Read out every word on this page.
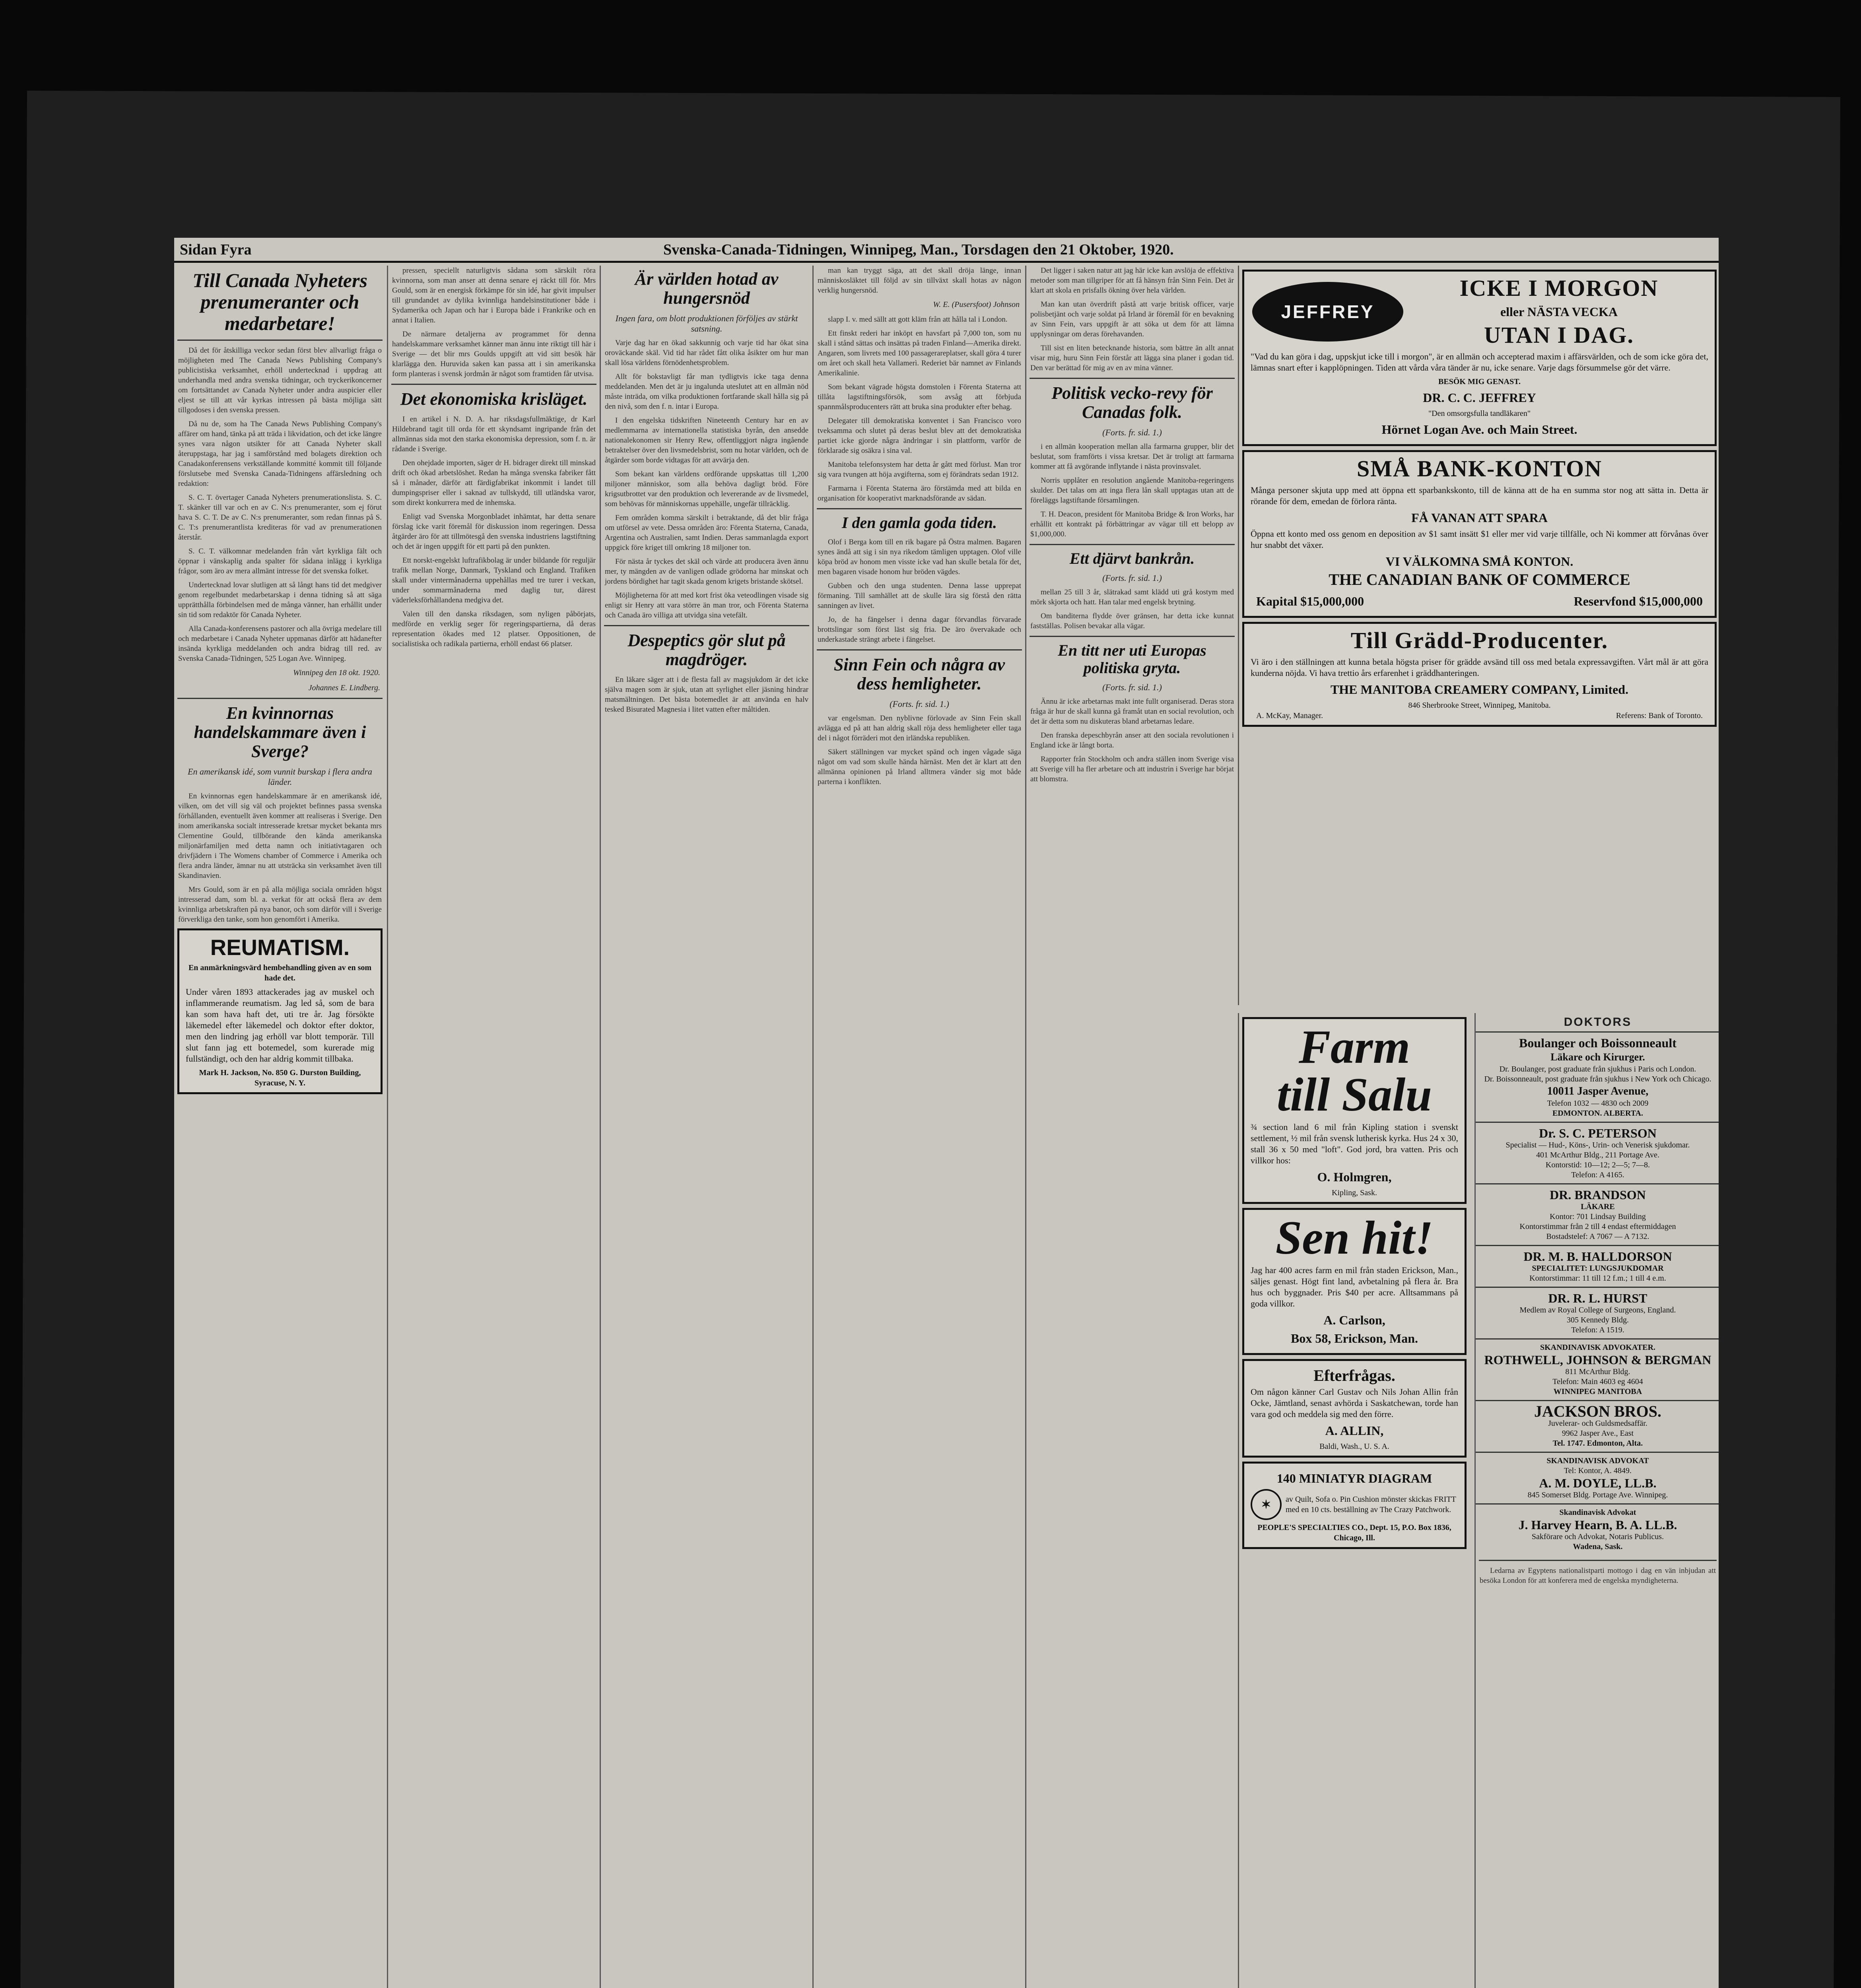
Sidan Fyra	Svenska-Canada-Tidningen, Winnipeg, Man., Torsdagen den 21 Oktober, 1920.
Till Canada Nyheters prenumeranter och medarbetare!

Då det för åtskilliga veckor sedan först blev allvarligt fråga o möjligheten med The Canada News Publishing Company's publicistiska verksamhet, erhöll undertecknad i uppdrag att underhandla med andra svenska tidningar, och tryckerikoncerner om fortsättandet av Canada Nyheter under andra auspicier eller eljest se till att vår kyrkas intressen på bästa möjliga sätt tillgodoses i den svenska pressen.

Då nu de, som ha The Canada News Publishing Company's affärer om hand, tänka på att träda i likvidation, och det icke längre synes vara någon utsikter för att Canada Nyheter skall återuppstaga, har jag i samförstånd med bolagets direktion och Canadakonferensens verkställande kommitté kommit till följande förslutsebe med Svenska Canada-Tidningens affärsledning och redaktion:

S. C. T. övertager Canada Nyheters prenumerationslista. S. C. T. skänker till var och en av C. N:s prenumeranter, som ej förut hava S. C. T. De av C. N:s prenumeranter, som redan finnas på S. C. T:s prenumerantlista krediteras för vad av prenumerationen återstår.

S. C. T. välkomnar medelanden från vårt kyrkliga fält och öppnar i vänskaplig anda spalter för sådana inlägg i kyrkliga frågor, som äro av mera allmänt intresse för det svenska folket.

Undertecknad lovar slutligen att så långt hans tid det medgiver genom regelbundet medarbetarskap i denna tidning så att säga upprätthålla förbindelsen med de många vänner, han erhållit under sin tid som redaktör för Canada Nyheter.

Alla Canada-konferensens pastorer och alla övriga medelare till och medarbetare i Canada Nyheter uppmanas därför att hädanefter insända kyrkliga meddelanden och andra bidrag till red. av Svenska Canada-Tidningen, 525 Logan Ave. Winnipeg.

Winnipeg den 18 okt. 1920.
Johannes E. Lindberg.
En kvinnornas handelskammare även i Sverge?
En amerikansk idé, som vunnit burskap i flera andra länder.

En kvinnornas egen handelskammare är en amerikansk idé, vilken, om det vill sig väl och projektet befinnes passa svenska förhållanden, eventuellt även kommer att realiseras i Sverige. Den inom amerikanska socialt intresserade kretsar mycket bekanta mrs Clementine Gould, tillbörande den kända amerikanska miljonärfamiljen med detta namn och initiativtagaren och drivfjädern i The Womens chamber of Commerce i Amerika och flera andra länder, ämnar nu att utsträcka sin verksamhet även till Skandinavien.

Mrs Gould, som är en på alla möjliga sociala områden högst intresserad dam, som bl. a. verkat för att också flera av dem kvinnliga arbetskraften på nya banor, och som därför vill i Sverige förverkliga den tanke, som hon genomfört i Amerika.

REUMATISM.
En anmärkningsvärd hembehandling given av en som hade det.
Under våren 1893 attackerades jag av muskel och inflammerande reumatism. Jag led så, som de bara kan som hava haft det, uti tre år. Jag försökte läkemedel efter läkemedel och doktor efter doktor, men den lindring jag erhöll var blott temporär. Till slut fann jag ett botemedel, som kurerade mig fullständigt, och den har aldrig kommit tillbaka.
Mark H. Jackson, No. 850 G. Durston Building, Syracuse, N. Y.

pressen, speciellt naturligtvis sådana som särskilt röra kvinnorna, som man anser att denna senare ej räckt till för. Mrs Gould, som är en energisk förkämpe för sin idé, har givit impulser till grundandet av dylika kvinnliga handelsinstitutioner både i Sydamerika och Japan och har i Europa både i Frankrike och en annat i Italien.

De närmare detaljerna av programmet för denna handelskammare verksamhet känner man ännu inte riktigt till här i Sverige — det blir mrs Goulds uppgift att vid sitt besök här klarlägga den. Huruvida saken kan passa att i sin amerikanska form planteras i svensk jordmån är något som framtiden får utvisa.

Det ekonomiska krisläget.

I en artikel i N. D. A. har riksdagsfullmäktige, dr Karl Hildebrand tagit till orda för ett skyndsamt ingripande från det allmännas sida mot den starka ekonomiska depression, som f. n. är rådande i Sverige.

Den ohejdade importen, säger dr H. bidrager direkt till minskad drift och ökad arbetslöshet. Redan ha många svenska fabriker fått så i månader, därför att färdigfabrikat inkommit i landet till dumpingspriser eller i saknad av tullskydd, till utländska varor, som direkt konkurrera med de inhemska.

Enligt vad Svenska Morgonbladet inhämtat, har detta senare förslag icke varit föremål för diskussion inom regeringen. Dessa åtgärder äro för att tillmötesgå den svenska industriens lagstiftning och det är ingen uppgift för ett parti på den punkten.

Ett norskt-engelskt luftrafikbolag är under bildande för reguljär trafik mellan Norge, Danmark, Tyskland och England. Trafiken skall under vintermånaderna uppehållas med tre turer i veckan, under sommarmånaderna med daglig tur, därest väderleksförhållandena medgiva det.

Valen till den danska riksdagen, som nyligen påbörjats, medförde en verklig seger för regeringspartierna, då deras representation ökades med 12 platser. Oppositionen, de socialistiska och radikala partierna, erhöll endast 66 platser.

Är världen hotad av hungersnöd
Ingen fara, om blott produktionen förföljes av stärkt satsning.

Varje dag har en ökad sakkunnig och varje tid har ökat sina oroväckande skäl. Vid tid har rådet fått olika åsikter om hur man skall lösa världens förnödenhetsproblem.

Allt för bokstavligt får man tydligtvis icke taga denna meddelanden. Men det är ju ingalunda uteslutet att en allmän nöd måste inträda, om vilka produktionen fortfarande skall hålla sig på den nivå, som den f. n. intar i Europa.

I den engelska tidskriften Nineteenth Century har en av medlemmarna av internationella statistiska byrån, den ansedde nationalekonomen sir Henry Rew, offentliggjort några ingående betraktelser över den livsmedelsbrist, som nu hotar världen, och de åtgärder som borde vidtagas för att avvärja den.

Som bekant kan världens ordförande uppskattas till 1,200 miljoner människor, som alla behöva dagligt bröd. Före krigsutbrottet var den produktion och levererande av de livsmedel, som behövas för människornas uppehälle, ungefär tillräcklig.

Fem områden komma särskilt i betraktande, då det blir fråga om utförsel av vete. Dessa områden äro: Förenta Staterna, Canada, Argentina och Australien, samt Indien. Deras sammanlagda export uppgick före kriget till omkring 18 miljoner ton.

För nästa år tyckes det skäl och värde att producera även ännu mer, ty mängden av de vanligen odlade grödorna har minskat och jordens bördighet har tagit skada genom krigets bristande skötsel.

Möjligheterna för att med kort frist öka veteodlingen visade sig enligt sir Henry att vara större än man tror, och Förenta Staterna och Canada äro villiga att utvidga sina vetefält.

Despeptics gör slut på magdröger.

En läkare säger att i de flesta fall av magsjukdom är det icke själva magen som är sjuk, utan att syrlighet eller jäsning hindrar matsmältningen. Det bästa botemedlet är att använda en halv tesked Bisurated Magnesia i litet vatten efter måltiden.

man kan tryggt säga, att det skall dröja länge, innan människosläktet till följd av sin tillväxt skall hotas av någon verklig hungersnöd.

W. E. (Pusersfoot) Johnson

slapp I. v. med sällt att gott kläm från att hålla tal i London.

Ett finskt rederi har inköpt en havsfart på 7,000 ton, som nu skall i stånd sättas och insättas på traden Finland—Amerika direkt. Angaren, som livrets med 100 passagerareplatser, skall göra 4 turer om året och skall heta Vallamerì. Rederiet bär namnet av Finlands Amerikalinie.

Som bekant vägrade högsta domstolen i Förenta Staterna att tillåta lagstiftningsförsök, som avsåg att förbjuda spannmålsproducenters rätt att bruka sina produkter efter behag.

Delegater till demokratiska konventet i San Francisco voro tveksamma och slutet på deras beslut blev att det demokratiska partiet icke gjorde några ändringar i sin plattform, varför de förklarade sig osäkra i sina val.

Manitoba telefonsystem har detta år gått med förlust. Man tror sig vara tvungen att höja avgifterna, som ej förändrats sedan 1912.

Farmarna i Förenta Staterna äro förstämda med att bilda en organisation för kooperativt marknadsförande av sädan.

I den gamla goda tiden.

Olof i Berga kom till en rik bagare på Östra malmen. Bagaren synes ändå att sig i sin nya rikedom tämligen upptagen. Olof ville köpa bröd av honom men visste icke vad han skulle betala för det, men bagaren visade honom hur bröden vägdes.

Gubben och den unga studenten. Denna lasse upprepat förmaning. Till samhället att de skulle lära sig förstå den rätta sanningen av livet.

Jo, de ha fängelser i denna dagar förvandlas förvarade brottslingar som först läst sig fria. De äro övervakade och underkastade strängt arbete i fängelset.

Sinn Fein och några av dess hemligheter.
(Forts. fr. sid. 1.)

var engelsman. Den nyblivne förlovade av Sinn Fein skall avlägga ed på att han aldrig skall röja dess hemligheter eller taga del i något förräderi mot den irländska republiken.

Säkert ställningen var mycket spänd och ingen vågade säga något om vad som skulle hända härnäst. Men det är klart att den allmänna opinionen på Irland alltmera vänder sig mot både parterna i konflikten.

Det ligger i saken natur att jag här icke kan avslöja de effektiva metoder som man tillgriper för att få hänsyn från Sinn Fein. Det är klart att skola en prisfalls ökning över hela världen.

Man kan utan överdrift påstå att varje britisk officer, varje polisbetjänt och varje soldat på Irland är föremål för en bevakning av Sinn Fein, vars uppgift är att söka ut dem för att lämna upplysningar om deras förehavanden.

Till sist en liten betecknande historia, som bättre än allt annat visar mig, huru Sinn Fein förstår att lägga sina planer i godan tid. Den var berättad för mig av en av mina vänner.

Politisk vecko-revy för Canadas folk.
(Forts. fr. sid. 1.)

i en allmän kooperation mellan alla farmarna grupper, blir det beslutat, som framförts i vissa kretsar. Det är troligt att farmarna kommer att få avgörande inflytande i nästa provinsvalet.

Norris upplåter en resolution angående Manitoba-regeringens skulder. Det talas om att inga flera lån skall upptagas utan att de föreläggs lagstiftande församlingen.

T. H. Deacon, president för Manitoba Bridge & Iron Works, har erhållit ett kontrakt på förbättringar av vägar till ett belopp av $1,000,000.

Ett djärvt bankrån.
(Forts. fr. sid. 1.)

mellan 25 till 3 år, slätrakad samt klädd uti grå kostym med mörk skjorta och hatt. Han talar med engelsk brytning.

Om banditerna flydde över gränsen, har detta icke kunnat fastställas. Polisen bevakar alla vägar.

En titt ner uti Europas politiska gryta.
(Forts. fr. sid. 1.)

Ännu är icke arbetarnas makt inte fullt organiserad. Deras stora fråga är hur de skall kunna gå framåt utan en social revolution, och det är detta som nu diskuteras bland arbetarnas ledare.

Den franska depeschbyrån anser att den sociala revolutionen i England icke är långt borta.

Rapporter från Stockholm och andra ställen inom Sverige visa att Sverige vill ha fler arbetare och att industrin i Sverige har börjat att blomstra.

JEFFREY
ICKE I MORGON
eller NÄSTA VECKA
UTAN I DAG.
"Vad du kan göra i dag, uppskjut icke till i morgon", är en allmän och accepterad maxim i affärsvärlden, och de som icke göra det, lämnas snart efter i kapplöpningen. Tiden att vårda våra tänder är nu, icke senare. Varje dags försummelse gör det värre.
BESÖK MIG GENAST.
DR. C. C. JEFFREY
"Den omsorgsfulla tandläkaren"
Hörnet Logan Ave. och Main Street.
SMÅ BANK-KONTON
Många personer skjuta upp med att öppna ett sparbankskonto, till de känna att de ha en summa stor nog att sätta in. Detta är rörande för dem, emedan de förlora ränta.
FÅ VANAN ATT SPARA
Öppna ett konto med oss genom en deposition av $1 samt insätt $1 eller mer vid varje tillfälle, och Ni kommer att förvånas över hur snabbt det växer.
VI VÄLKOMNA SMÅ KONTON.
THE CANADIAN BANK OF COMMERCE
Kapital $15,000,000	Reservfond $15,000,000
Till Grädd-Producenter.
Vi äro i den ställningen att kunna betala högsta priser för grädde avsänd till oss med betala expressavgiften. Vårt mål är att göra kunderna nöjda. Vi hava trettio års erfarenhet i gräddhanteringen.
THE MANITOBA CREAMERY COMPANY, Limited.
846 Sherbrooke Street, Winnipeg, Manitoba.
A. McKay, Manager.	Referens: Bank of Toronto.
Farm
till Salu
¾ section land 6 mil från Kipling station i svenskt settlement, ½ mil från svensk lutherisk kyrka. Hus 24 x 30, stall 36 x 50 med "loft". God jord, bra vatten. Pris och villkor hos:
O. Holmgren,
Kipling, Sask.
Sen hit!
Jag har 400 acres farm en mil från staden Erickson, Man., säljes genast. Högt fint land, avbetalning på flera år. Bra hus och byggnader. Pris $40 per acre. Alltsammans på goda villkor.
A. Carlson,
Box 58, Erickson, Man.
Efterfrågas.
Om någon känner Carl Gustav och Nils Johan Allin från Ocke, Jämtland, senast avhörda i Saskatchewan, torde han vara god och meddela sig med den förre.
A. ALLIN,
Baldi, Wash., U. S. A.
140 MINIATYR DIAGRAM
✶	av Quilt, Sofa o. Pin Cushion mönster skickas FRITT med en 10 cts. beställning av The Crazy Patchwork.
PEOPLE'S SPECIALTIES CO., Dept. 15, P.O. Box 1836, Chicago, Ill.
DOKTORS
Boulanger och Boissonneault
Läkare och Kirurger.
Dr. Boulanger, post graduate från sjukhus i Paris och London.
Dr. Boissonneault, post graduate från sjukhus i New York och Chicago.
10011 Jasper Avenue,
Telefon 1032 — 4830 och 2009
EDMONTON. ALBERTA.
Dr. S. C. PETERSON
Specialist — Hud-, Köns-, Urin- och Venerisk sjukdomar.
401 McArthur Bldg., 211 Portage Ave.
Kontorstid: 10—12; 2—5; 7—8.
Telefon: A 4165.
DR. BRANDSON
LÄKARE
Kontor: 701 Lindsay Building
Kontorstimmar från 2 till 4 endast eftermiddagen
Bostadstelef: A 7067 — A 7132.
DR. M. B. HALLDORSON
SPECIALITET: LUNGSJUKDOMAR
Kontorstimmar: 11 till 12 f.m.; 1 till 4 e.m.
DR. R. L. HURST
Medlem av Royal College of Surgeons, England.
305 Kennedy Bldg.
Telefon: A 1519.
SKANDINAVISK ADVOKATER.
ROTHWELL, JOHNSON & BERGMAN
811 McArthur Bldg.
Telefon: Main 4603 eg 4604
WINNIPEG MANITOBA
JACKSON BROS.
Juvelerar- och Guldsmedsaffär.
9962 Jasper Ave., East
Tel. 1747. Edmonton, Alta.
SKANDINAVISK ADVOKAT
Tel: Kontor, A. 4849.
A. M. DOYLE, LL.B.
845 Somerset Bldg. Portage Ave. Winnipeg.
Skandinavisk Advokat
J. Harvey Hearn, B. A. LL.B.
Sakförare och Advokat, Notaris Publicus.
Wadena, Sask.

Ledarna av Egyptens nationalistparti mottogo i dag en vän inbjudan att besöka London för att konferera med de engelska myndigheterna.
